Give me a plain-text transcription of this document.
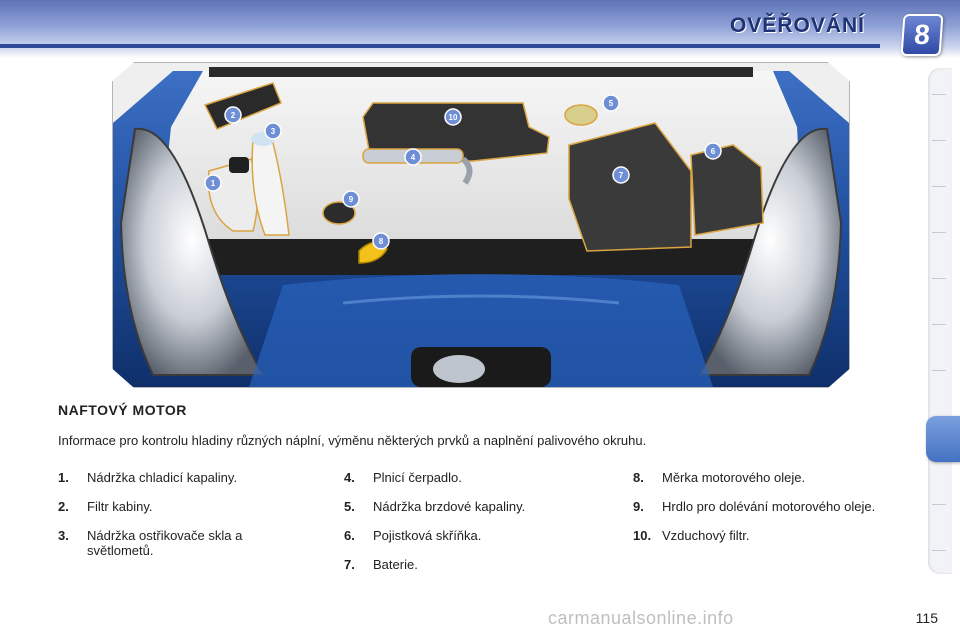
OVĚŘOVÁNÍ	8
1
2
3
4
5
6
7
8
9
10
NAFTOVÝ MOTOR
Informace pro kontrolu hladiny různých náplní, výměnu některých prvků a naplnění palivového okruhu.
1.	Nádržka chladicí kapaliny.
2.	Filtr kabiny.
3.	Nádržka ostřikovače skla a světlometů.
4.	Plnicí čerpadlo.
5.	Nádržka brzdové kapaliny.
6.	Pojistková skříňka.
7.	Baterie.
8.	Měrka motorového oleje.
9.	Hrdlo pro dolévání motorového oleje.
10. Vzduchový filtr.
115
carmanualsonline.info
